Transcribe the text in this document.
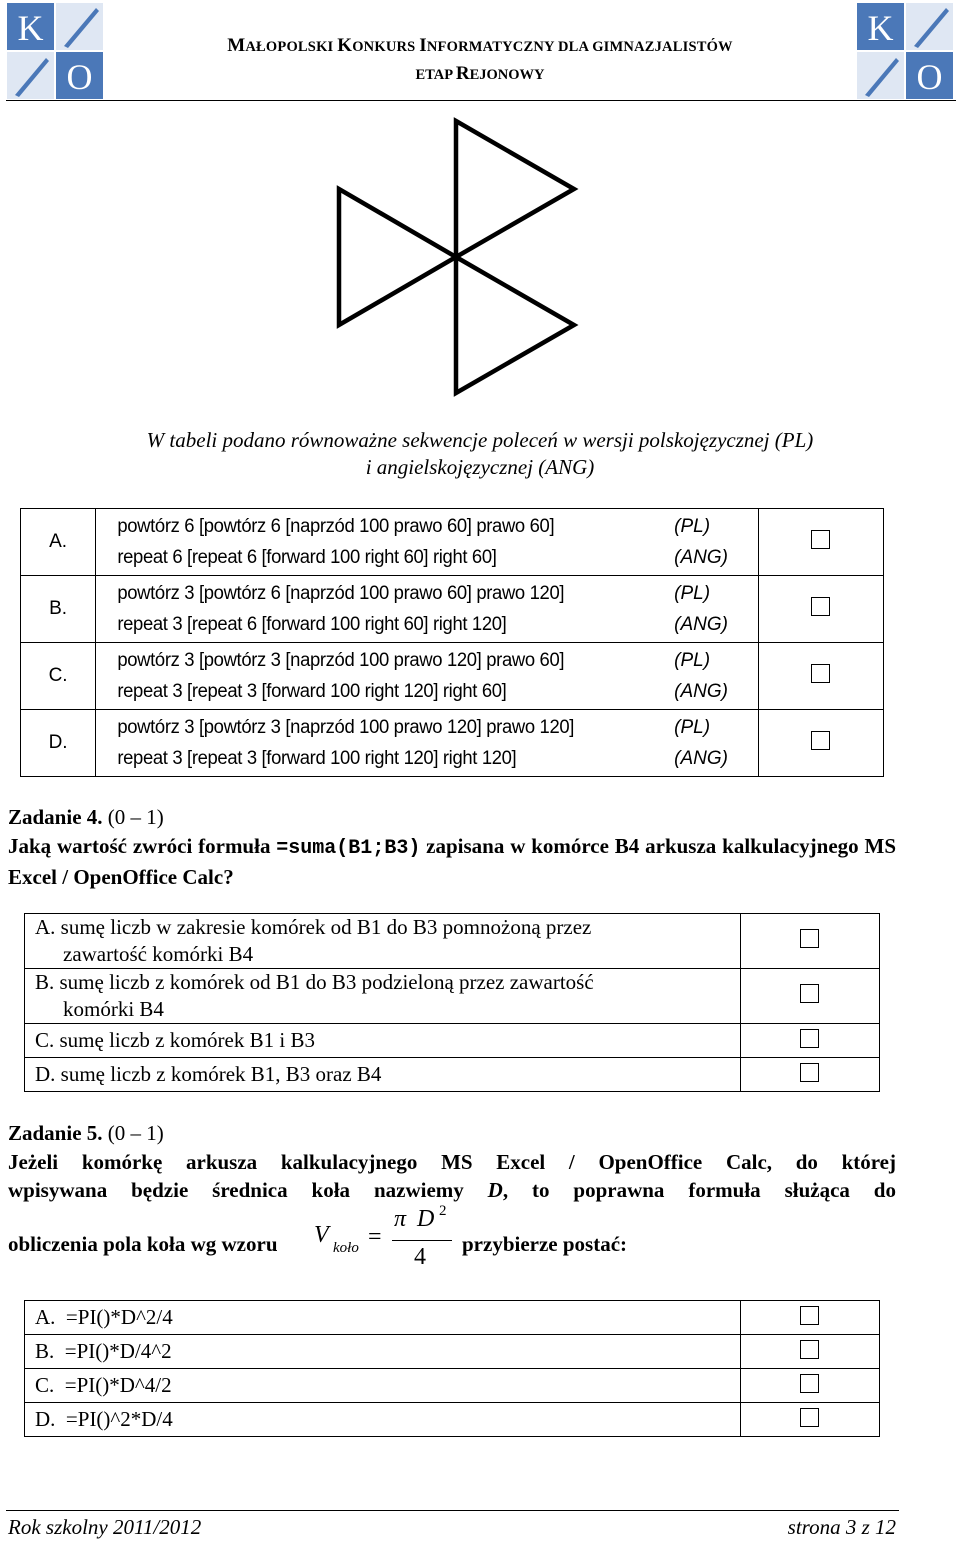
K
O
K
O
MAŁOPOLSKI KONKURS INFORMATYCZNY DLA GIMNAZJALISTÓW
ETAP REJONOWY
W tabeli podano równoważne sekwencje poleceń w wersji polskojęzycznej (PL)
i angielskojęzycznej (ANG)
A.	powtórz 6 [powtórz 6 [naprzód 100 prawo 60] prawo 60] (PL)
repeat 6 [repeat 6 [forward 100 right 60] right 60] (ANG)	

B.	powtórz 3 [powtórz 6 [naprzód 100 prawo 60] prawo 120] (PL)
repeat 3 [repeat 6 [forward 100 right 60] right 120] (ANG)	

C.	powtórz 3 [powtórz 3 [naprzód 100 prawo 120] prawo 60] (PL)
repeat 3 [repeat 3 [forward 100 right 120] right 60] (ANG)	

D.	powtórz 3 [powtórz 3 [naprzód 100 prawo 120] prawo 120] (PL)
repeat 3 [repeat 3 [forward 100 right 120] right 120] (ANG)	

Zadanie 4. (0 – 1)
Jaką wartość zwróci formuła =suma(B1;B3) zapisana w komórce B4 arkusza kalkulacyjnego MS Excel / OpenOffice Calc?
A. sumę liczb w zakresie komórek od B1 do B3 pomnożoną przez
zawartość komórki B4	

B. sumę liczb z komórek od B1 do B3 podzieloną przez zawartość
komórki B4	

C. sumę liczb z komórek B1 i B3	

D. sumę liczb z komórek B1, B3 oraz B4	

Zadanie 5. (0 – 1)
Jeżeli komórkę arkusza kalkulacyjnego MS Excel / OpenOffice Calc, do której
wpisywana będzie średnica koła nazwiemy D, to poprawna formuła służąca do
obliczenia pola koła wg wzoru V koło =
π D 2
4 przybierze postać:
A.  =PI()*D^2/4	
B.  =PI()*D/4^2	
C.  =PI()*D^4/2	
D.  =PI()^2*D/4	
Rok szkolny 2011/2012	strona 3 z 12
